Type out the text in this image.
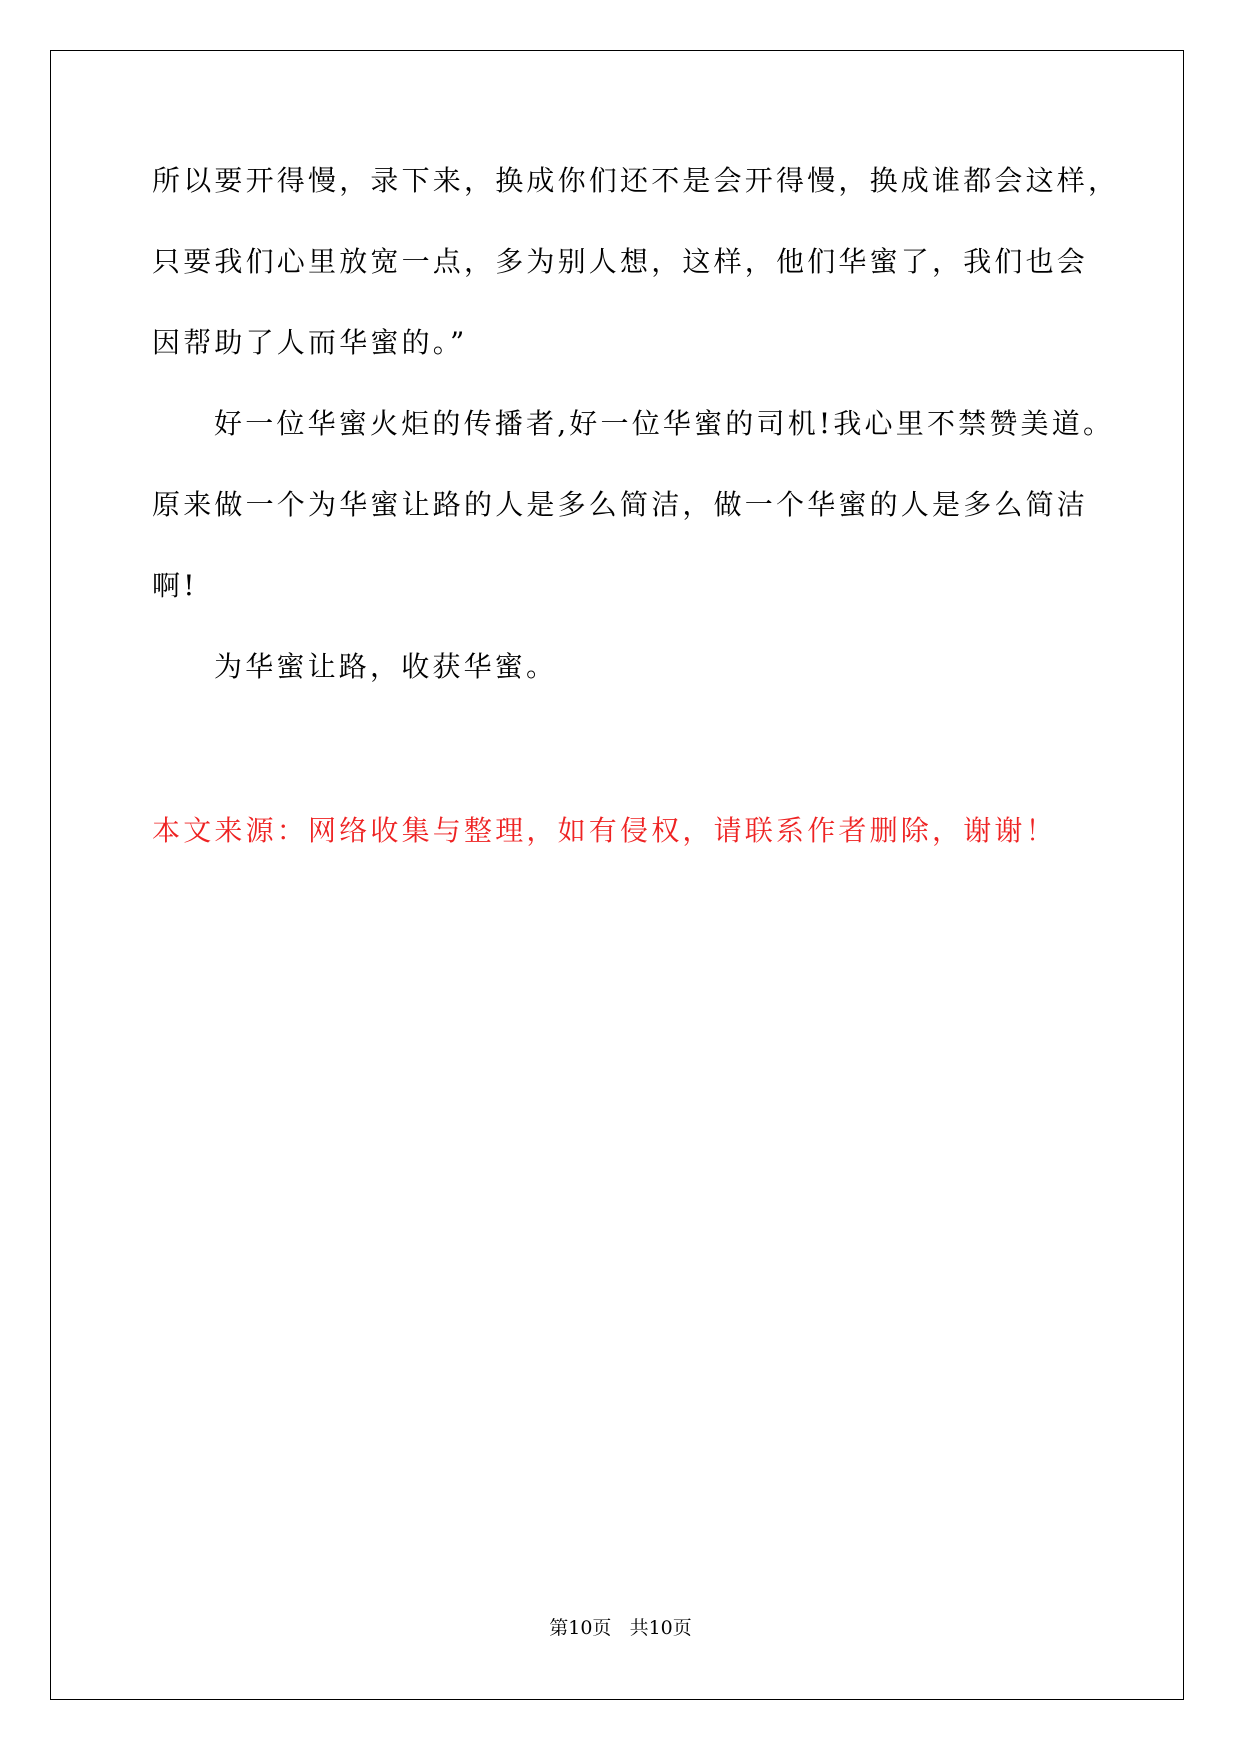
所以要开得慢，录下来，换成你们还不是会开得慢，换成谁都会这样，
只要我们心里放宽一点，多为别人想，这样，他们华蜜了，我们也会
因帮助了人而华蜜的。”
好一位华蜜火炬的传播者,好一位华蜜的司机!我心里不禁赞美道。
原来做一个为华蜜让路的人是多么简洁，做一个华蜜的人是多么简洁
啊!
为华蜜让路，收获华蜜。
本文来源：网络收集与整理，如有侵权，请联系作者删除，谢谢！
第10页 共10页
